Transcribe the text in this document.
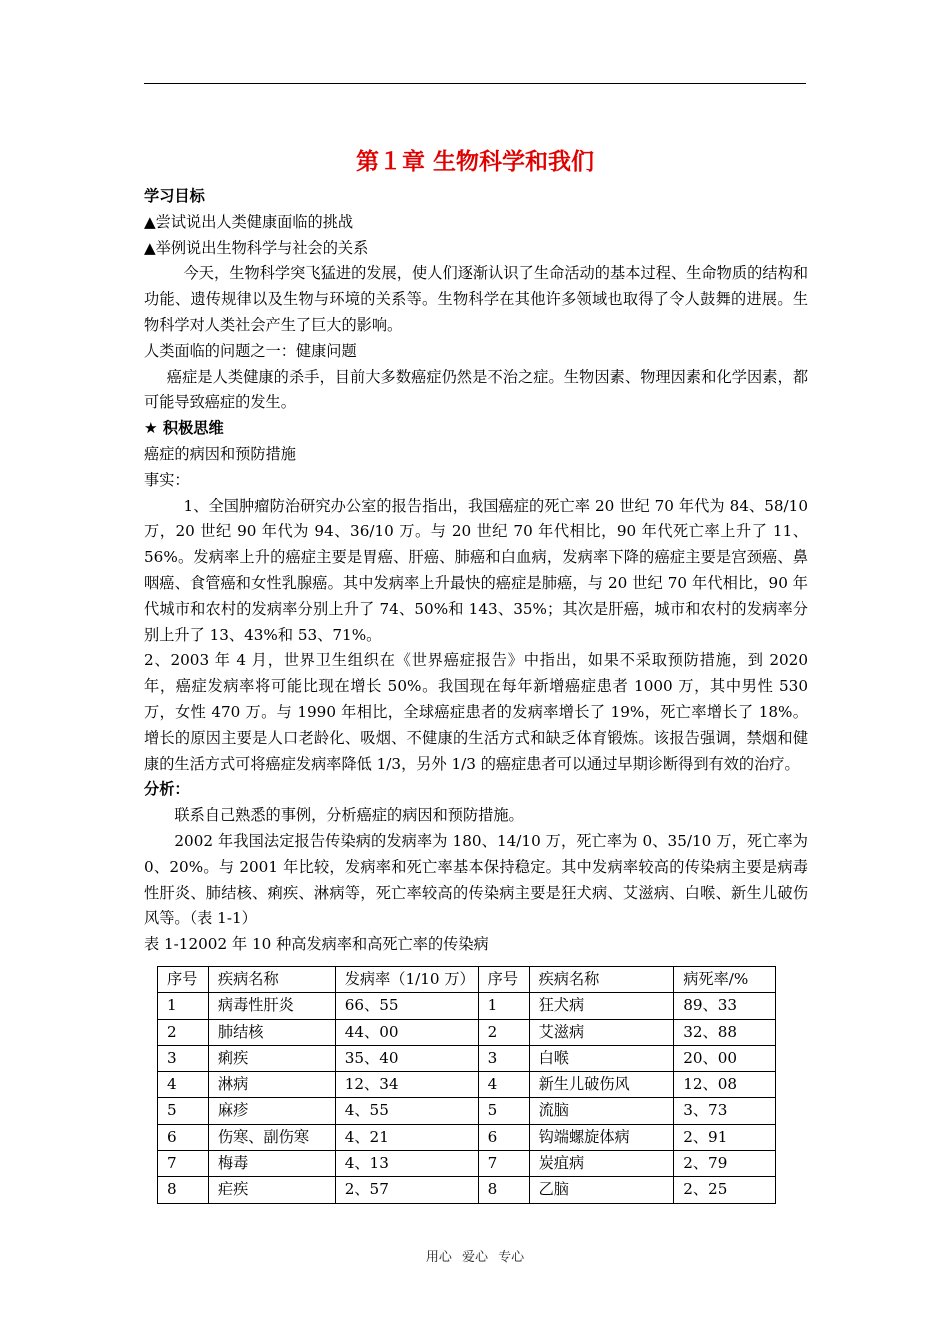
第１章 生物科学和我们

学习目标

▲尝试说出人类健康面临的挑战

▲举例说出生物科学与社会的关系

今天，生物科学突飞猛进的发展，使人们逐渐认识了生命活动的基本过程、生命物质的结构和功能、遗传规律以及生物与环境的关系等。生物科学在其他许多领域也取得了令人鼓舞的进展。生物科学对人类社会产生了巨大的影响。

人类面临的问题之一：健康问题

癌症是人类健康的杀手，目前大多数癌症仍然是不治之症。生物因素、物理因素和化学因素，都可能导致癌症的发生。

★ 积极思维

癌症的病因和预防措施

事实：

1、全国肿瘤防治研究办公室的报告指出，我国癌症的死亡率 20 世纪 70 年代为 84、58/10 万，20 世纪 90 年代为 94、36/10 万。与 20 世纪 70 年代相比，90 年代死亡率上升了 11、56%。发病率上升的癌症主要是胃癌、肝癌、肺癌和白血病，发病率下降的癌症主要是宫颈癌、鼻咽癌、食管癌和女性乳腺癌。其中发病率上升最快的癌症是肺癌，与 20 世纪 70 年代相比，90 年代城市和农村的发病率分别上升了 74、50%和 143、35%；其次是肝癌，城市和农村的发病率分别上升了 13、43%和 53、71%。

2、2003 年 4 月，世界卫生组织在《世界癌症报告》中指出，如果不采取预防措施，到 2020 年，癌症发病率将可能比现在增长 50%。我国现在每年新增癌症患者 1000 万，其中男性 530 万，女性 470 万。与 1990 年相比，全球癌症患者的发病率增长了 19%，死亡率增长了 18%。增长的原因主要是人口老龄化、吸烟、不健康的生活方式和缺乏体育锻炼。该报告强调，禁烟和健康的生活方式可将癌症发病率降低 1/3，另外 1/3 的癌症患者可以通过早期诊断得到有效的治疗。

分析：

联系自己熟悉的事例，分析癌症的病因和预防措施。

2002 年我国法定报告传染病的发病率为 180、14/10 万，死亡率为 0、35/10 万，死亡率为 0、20%。与 2001 年比较，发病率和死亡率基本保持稳定。其中发病率较高的传染病主要是病毒性肝炎、肺结核、痢疾、淋病等，死亡率较高的传染病主要是狂犬病、艾滋病、白喉、新生儿破伤风等。（表 1-1）

表 1-12002 年 10 种高发病率和高死亡率的传染病

序号	疾病名称	发病率（1/10 万）	序号	疾病名称	病死率/%
1	病毒性肝炎	66、55	1	狂犬病	89、33
2	肺结核	44、00	2	艾滋病	32、88
3	痢疾	35、40	3	白喉	20、00
4	淋病	12、34	4	新生儿破伤风	12、08
5	麻疹	4、55	5	流脑	3、73
6	伤寒、副伤寒	4、21	6	钩端螺旋体病	2、91
7	梅毒	4、13	7	炭疽病	2、79
8	疟疾	2、57	8	乙脑	2、25
用心 爱心 专心
